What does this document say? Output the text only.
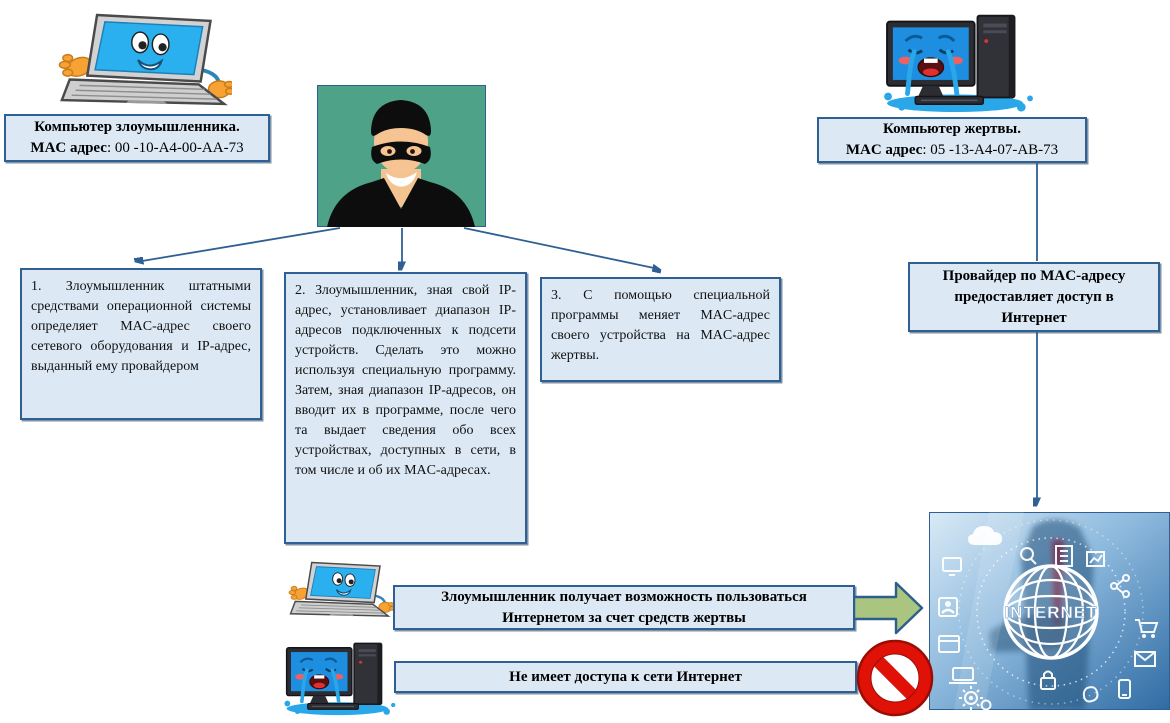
Компьютер злоумышленника.
MAC адрес: 00 -10-A4-00-AA-73
Компьютер жертвы.
MAC адрес: 05 -13-A4-07-AB-73
1. Злоумышленник штатными средствами операционной системы определяет MAC-адрес своего сетевого оборудования и IP-адрес, выданный ему провайдером
2. Злоумышленник, зная свой IP-адрес, установливает диапазон IP-адресов подключенных к подсети устройств. Сделать это можно используя специальную программу. Затем, зная диапазон IP-адресов, он вводит их в программе, после чего та выдает сведения обо всех устройствах, доступных в сети, в том числе и об их MAC-адресах.
3. С помощью специальной программы меняет MAC-адрес своего устройства на MAC-адрес жертвы.
Провайдер по MAC-адресу предоставляет доступ в Интернет
INTERNET
Злоумышленник получает возможность пользоваться Интернетом за счет средств жертвы
Не имеет доступа к сети Интернет
